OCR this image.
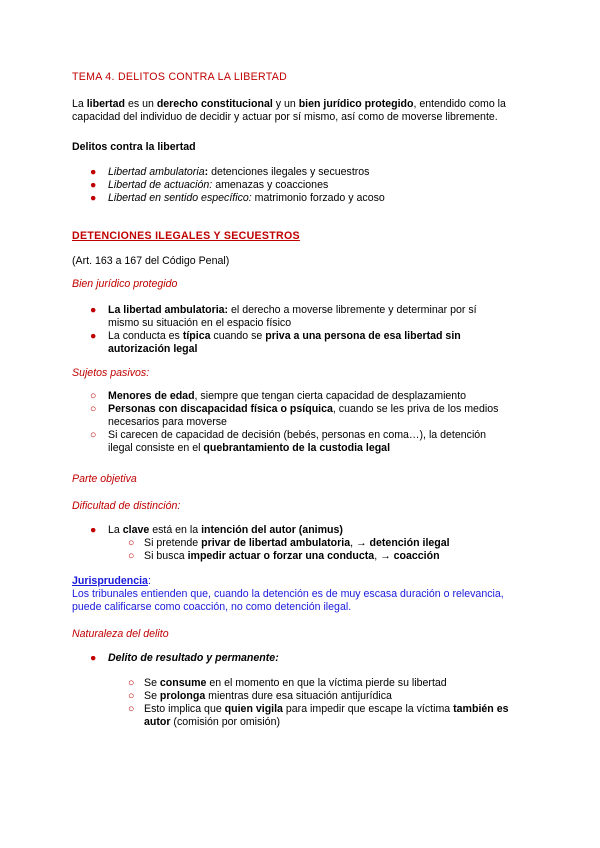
TEMA 4. DELITOS CONTRA LA LIBERTAD
La libertad es un derecho constitucional y un bien jurídico protegido, entendido como la
capacidad del individuo de decidir y actuar por sí mismo, así como de moverse libremente.
Delitos contra la libertad
● Libertad ambulatoria: detenciones ilegales y secuestros
● Libertad de actuación: amenazas y coacciones
● Libertad en sentido específico: matrimonio forzado y acoso
DETENCIONES ILEGALES Y SECUESTROS
(Art. 163 a 167 del Código Penal)
Bien jurídico protegido
● La libertad ambulatoria: el derecho a moverse libremente y determinar por sí
mismo su situación en el espacio físico
● La conducta es típica cuando se priva a una persona de esa libertad sin
autorización legal
Sujetos pasivos:
○ Menores de edad, siempre que tengan cierta capacidad de desplazamiento
○ Personas con discapacidad física o psíquica, cuando se les priva de los medios
necesarios para moverse
○ Si carecen de capacidad de decisión (bebés, personas en coma…), la detención
ilegal consiste en el quebrantamiento de la custodia legal
Parte objetiva
Dificultad de distinción:
● La clave está en la intención del autor (animus)
○ Si pretende privar de libertad ambulatoria, → detención ilegal
○ Si busca impedir actuar o forzar una conducta, → coacción
Jurisprudencia:
Los tribunales entienden que, cuando la detención es de muy escasa duración o relevancia,
puede calificarse como coacción, no como detención ilegal.
Naturaleza del delito
● Delito de resultado y permanente:
○ Se consume en el momento en que la víctima pierde su libertad
○ Se prolonga mientras dure esa situación antijurídica
○ Esto implica que quien vigila para impedir que escape la víctima también es
autor (comisión por omisión)
